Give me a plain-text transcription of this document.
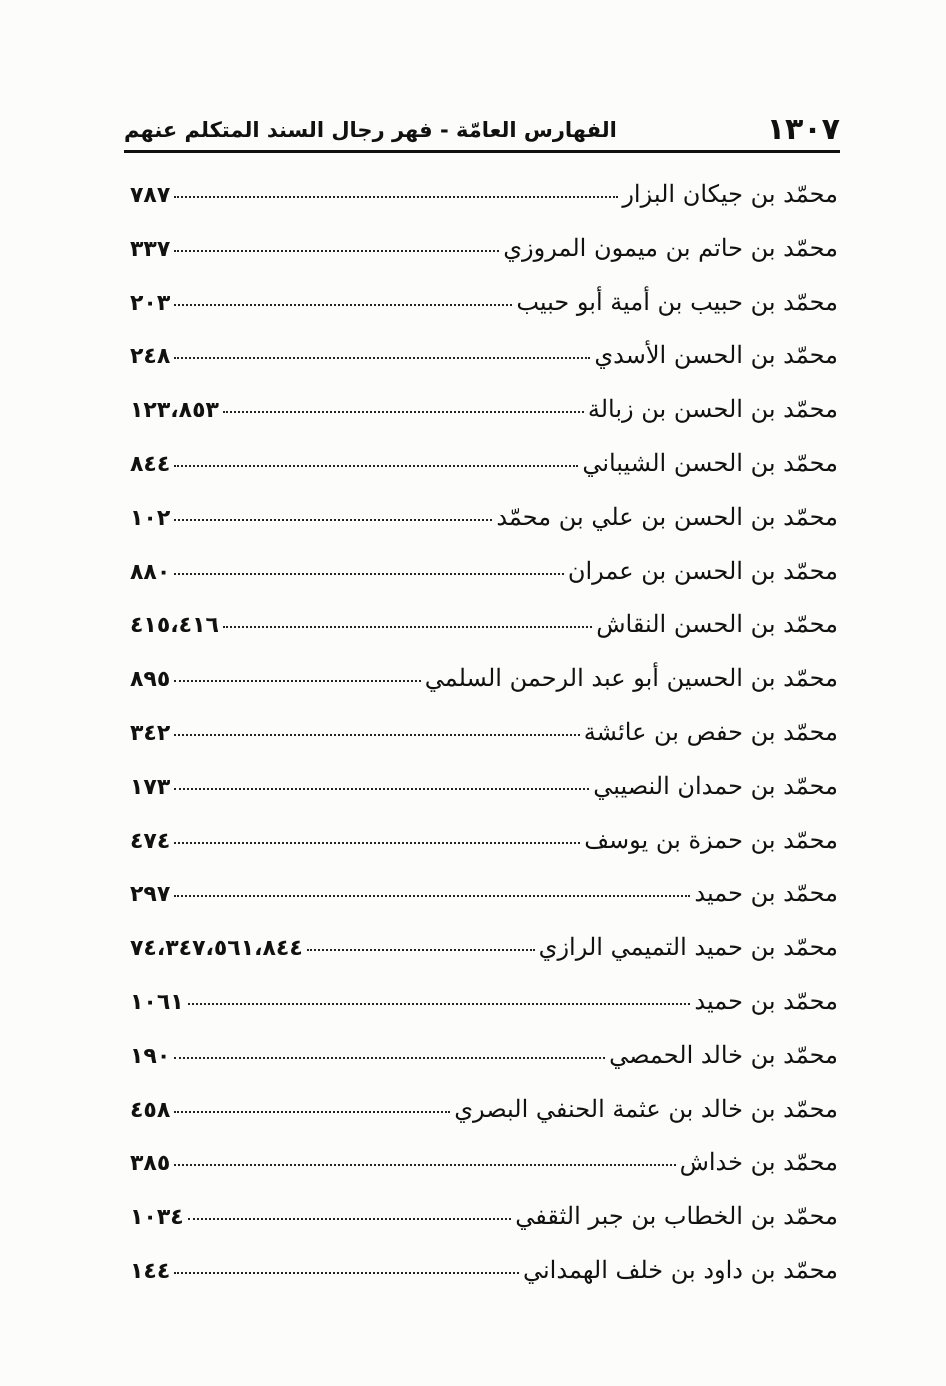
١٣٠٧
الفهارس العامّة - فهر رجال السند المتكلم عنهم
محمّد بن جيكان البزار
٧٨٧
محمّد بن حاتم بن ميمون المروزي
٣٣٧
محمّد بن حبيب بن أمية أبو حبيب
٢٠٣
محمّد بن الحسن الأسدي
٢٤٨
محمّد بن الحسن بن زبالة
١٢٣،٨٥٣
محمّد بن الحسن الشيباني
٨٤٤
محمّد بن الحسن بن علي بن محمّد
١٠٢
محمّد بن الحسن بن عمران
٨٨٠
محمّد بن الحسن النقاش
٤١٥،٤١٦
محمّد بن الحسين أبو عبد الرحمن السلمي
٨٩٥
محمّد بن حفص بن عائشة
٣٤٢
محمّد بن حمدان النصيبي
١٧٣
محمّد بن حمزة بن يوسف
٤٧٤
محمّد بن حميد
٢٩٧
محمّد بن حميد التميمي الرازي
٧٤،٣٤٧،٥٦١،٨٤٤
محمّد بن حميد
١٠٦١
محمّد بن خالد الحمصي
١٩٠
محمّد بن خالد بن عثمة الحنفي البصري
٤٥٨
محمّد بن خداش
٣٨٥
محمّد بن الخطاب بن جبر الثقفي
١٠٣٤
محمّد بن داود بن خلف الهمداني
١٤٤
